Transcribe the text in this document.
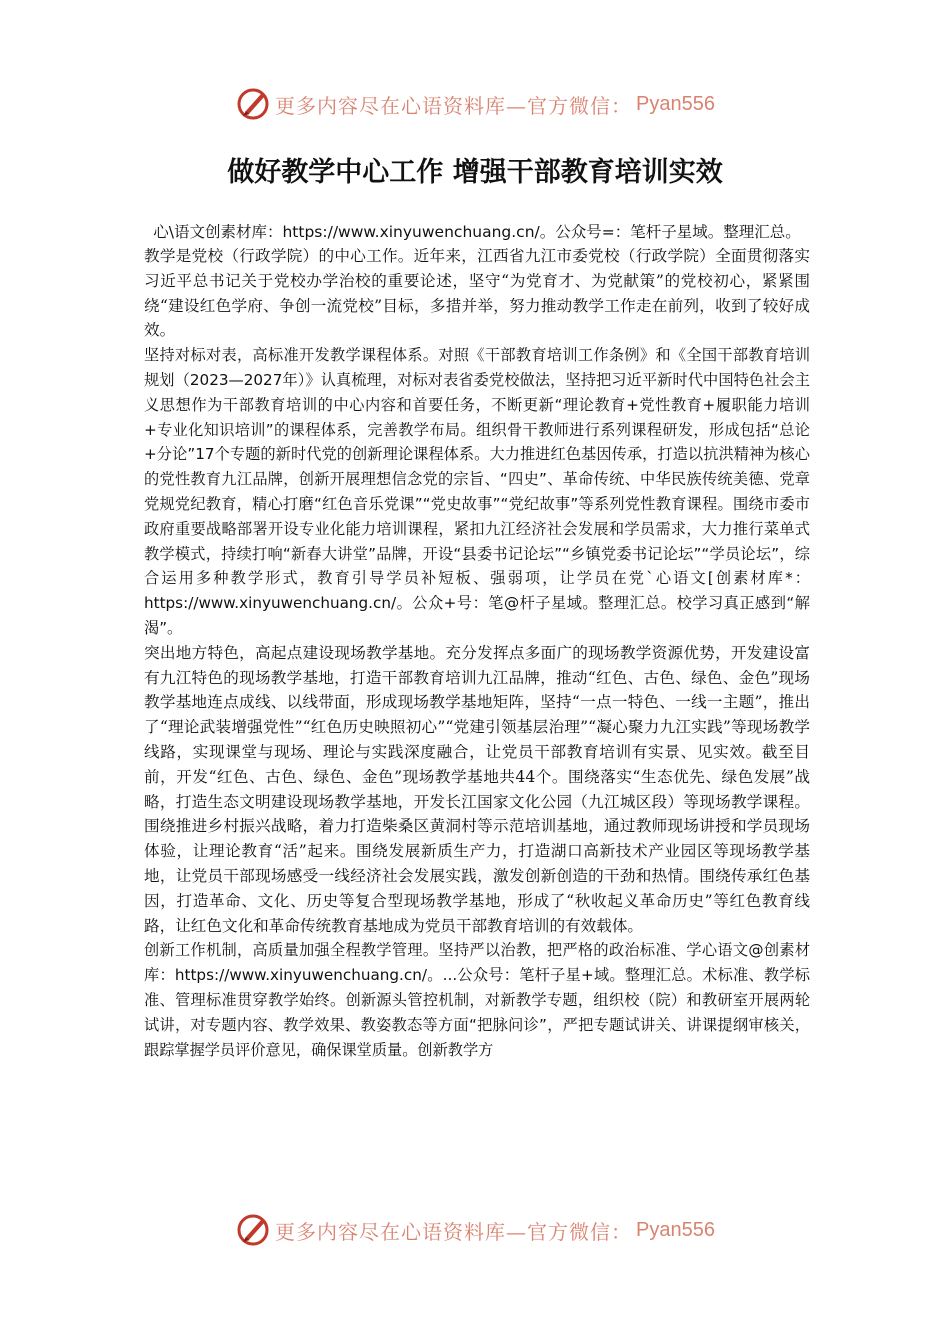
更多内容尽在心语资料库—官方微信： Pyan556
做好教学中心工作 增强干部教育培训实效

心\语文创素材库：https://www.xinyuwenchuang.cn/。公众号=：笔杆子星域。整理汇总。

教学是党校（行政学院）的中心工作。近年来，江西省九江市委党校（行政学院）全面贯彻落实习近平总书记关于党校办学治校的重要论述，坚守“为党育才、为党献策”的党校初心，紧紧围绕“建设红色学府、争创一流党校”目标，多措并举，努力推动教学工作走在前列，收到了较好成效。

坚持对标对表，高标准开发教学课程体系。对照《干部教育培训工作条例》和《全国干部教育培训规划（2023—2027年）》认真梳理，对标对表省委党校做法，坚持把习近平新时代中国特色社会主义思想作为干部教育培训的中心内容和首要任务，不断更新“理论教育+党性教育+履职能力培训+专业化知识培训”的课程体系，完善教学布局。组织骨干教师进行系列课程研发，形成包括“总论+分论”17个专题的新时代党的创新理论课程体系。大力推进红色基因传承，打造以抗洪精神为核心的党性教育九江品牌，创新开展理想信念党的宗旨、“四史”、革命传统、中华民族传统美德、党章党规党纪教育，精心打磨“红色音乐党课”“党史故事”“党纪故事”等系列党性教育课程。围绕市委市政府重要战略部署开设专业化能力培训课程，紧扣九江经济社会发展和学员需求，大力推行菜单式教学模式，持续打响“新春大讲堂”品牌，开设“县委书记论坛”“乡镇党委书记论坛”“学员论坛”，综合运用多种教学形式，教育引导学员补短板、强弱项，让学员在党`心语文[创素材库*：https://www.xinyuwenchuang.cn/。公众+号：笔@杆子星域。整理汇总。校学习真正感到“解渴”。

突出地方特色，高起点建设现场教学基地。充分发挥点多面广的现场教学资源优势，开发建设富有九江特色的现场教学基地，打造干部教育培训九江品牌，推动“红色、古色、绿色、金色”现场教学基地连点成线、以线带面，形成现场教学基地矩阵，坚持“一点一特色、一线一主题”，推出了“理论武装增强党性”“红色历史映照初心”“党建引领基层治理”“凝心聚力九江实践”等现场教学线路，实现课堂与现场、理论与实践深度融合，让党员干部教育培训有实景、见实效。截至目前，开发“红色、古色、绿色、金色”现场教学基地共44个。围绕落实“生态优先、绿色发展”战略，打造生态文明建设现场教学基地，开发长江国家文化公园（九江城区段）等现场教学课程。围绕推进乡村振兴战略，着力打造柴桑区黄洞村等示范培训基地，通过教师现场讲授和学员现场体验，让理论教育“活”起来。围绕发展新质生产力，打造湖口高新技术产业园区等现场教学基地，让党员干部现场感受一线经济社会发展实践，激发创新创造的干劲和热情。围绕传承红色基因，打造革命、文化、历史等复合型现场教学基地，形成了“秋收起义革命历史”等红色教育线路，让红色文化和革命传统教育基地成为党员干部教育培训的有效载体。

创新工作机制，高质量加强全程教学管理。坚持严以治教，把严格的政治标准、学心语文@创素材库：https://www.xinyuwenchuang.cn/。...公众号：笔杆子星+域。整理汇总。术标准、教学标准、管理标准贯穿教学始终。创新源头管控机制，对新教学专题，组织校（院）和教研室开展两轮试讲，对专题内容、教学效果、教姿教态等方面“把脉问诊”，严把专题试讲关、讲课提纲审核关，跟踪掌握学员评价意见，确保课堂质量。创新教学方

更多内容尽在心语资料库—官方微信： Pyan556
